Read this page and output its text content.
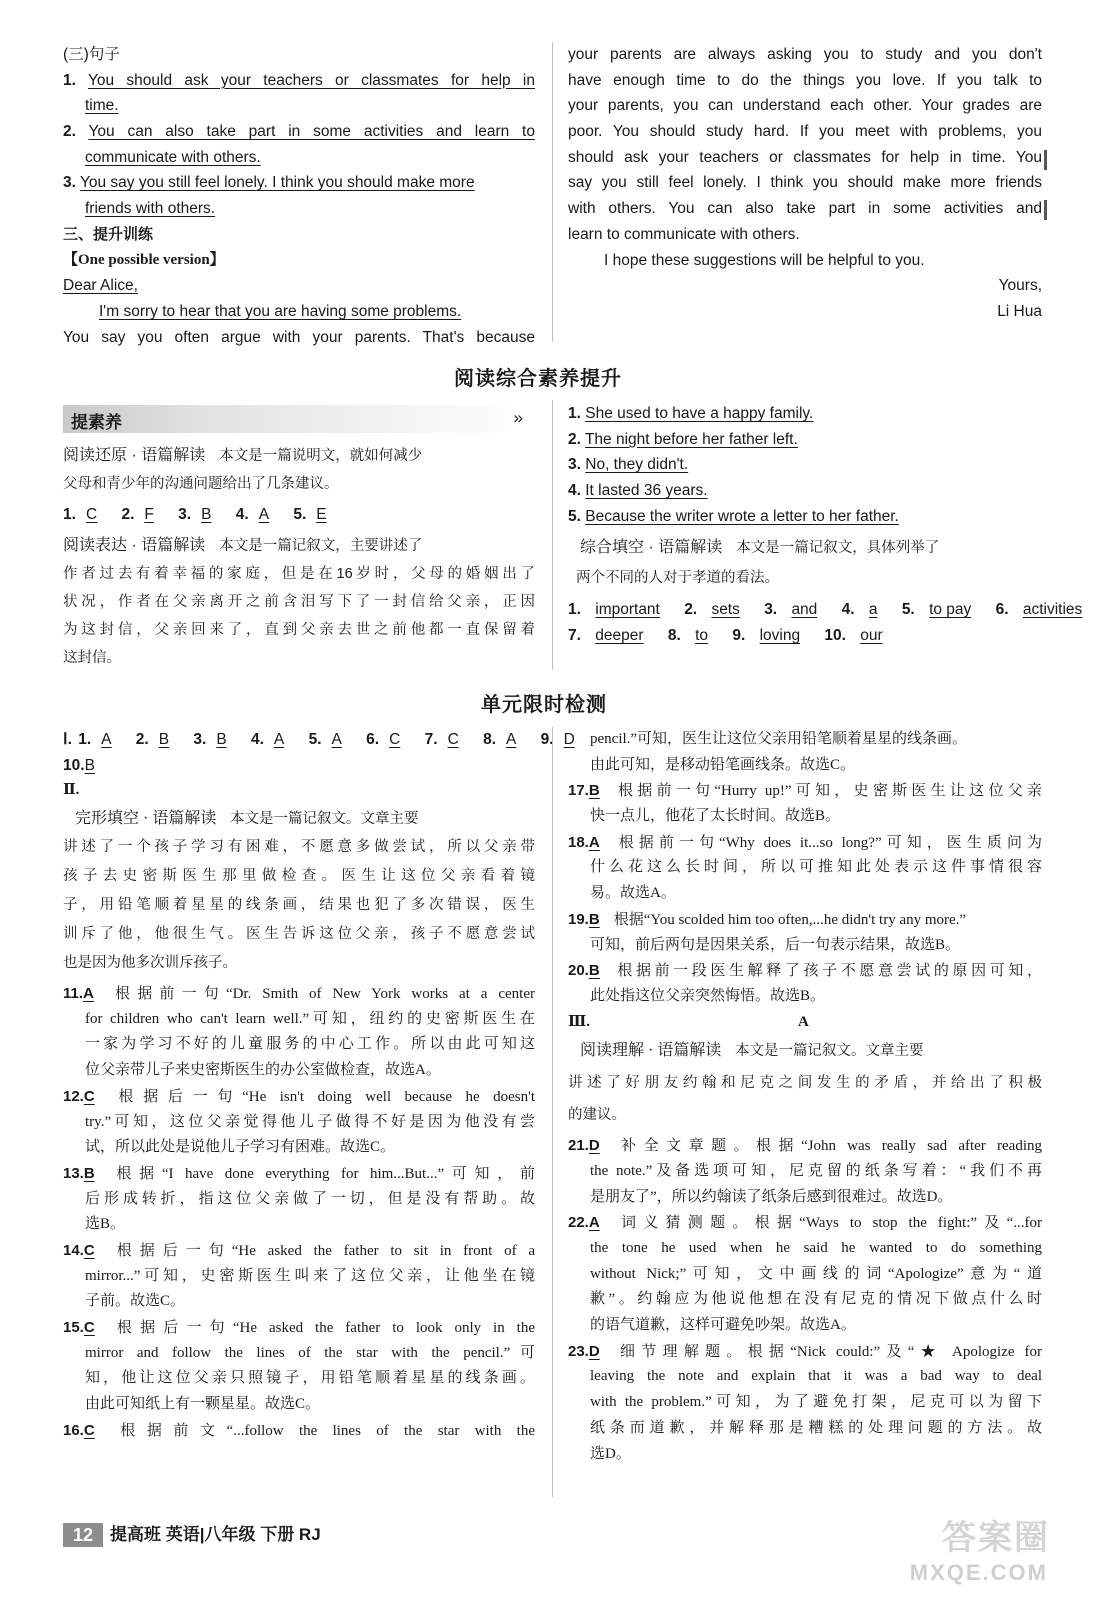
(三)句子
1. You should ask your teachers or classmates for help in
time.
2. You can also take part in some activities and learn to
communicate with others.
3. You say you still feel lonely. I think you should make more
friends with others.
三、提升训练
【One possible version】
Dear Alice,
I'm sorry to hear that you are having some problems.
You say you often argue with your parents. That's because
your parents are always asking you to study and you don't
have enough time to do the things you love. If you talk to
your parents, you can understand each other. Your grades are
poor. You should study hard. If you meet with problems, you
should ask your teachers or classmates for help in time. You
say you still feel lonely. I think you should make more friends
with others. You can also take part in some activities and
learn to communicate with others.
I hope these suggestions will be helpful to you.
Yours,
Li Hua
阅读综合素养提升
提素养	»
阅读还原 · 语篇解读 本文是一篇说明文，就如何减少
父母和青少年的沟通问题给出了几条建议。
1. C 2. F 3. B 4. A 5. E
阅读表达 · 语篇解读 本文是一篇记叙文，主要讲述了
作者过去有着幸福的家庭，但是在16岁时，父母的婚姻出了
状况，作者在父亲离开之前含泪写下了一封信给父亲，正因
为这封信，父亲回来了，直到父亲去世之前他都一直保留着
这封信。
1. She used to have a happy family.
2. The night before her father left.
3. No, they didn't.
4. It lasted 36 years.
5. Because the writer wrote a letter to her father.
综合填空 · 语篇解读 本文是一篇记叙文，具体列举了
两个不同的人对于孝道的看法。
1. important 2. sets 3. and 4. a 5. to pay 6. activities
7. deeper 8. to 9. loving 10. our
单元限时检测
Ⅰ. 1. A 2. B 3. B 4. A 5. A 6. C 7. C 8. A 9. D
10.B
Ⅱ.
完形填空 · 语篇解读 本文是一篇记叙文。文章主要
讲述了一个孩子学习有困难，不愿意多做尝试，所以父亲带
孩子去史密斯医生那里做检查。医生让这位父亲看着镜
子，用铅笔顺着星星的线条画，结果也犯了多次错误，医生
训斥了他，他很生气。医生告诉这位父亲，孩子不愿意尝试
也是因为他多次训斥孩子。
11.A 根据前一句“Dr. Smith of New York works at a center
for children who can't learn well.”可知，纽约的史密斯医生在
一家为学习不好的儿童服务的中心工作。所以由此可知这
位父亲带儿子来史密斯医生的办公室做检查，故选A。
12.C 根据后一句“He isn't doing well because he doesn't
try.”可知，这位父亲觉得他儿子做得不好是因为他没有尝
试，所以此处是说他儿子学习有困难。故选C。
13.B 根据“I have done everything for him...But...”可知，前
后形成转折，指这位父亲做了一切，但是没有帮助。故
选B。
14.C 根据后一句“He asked the father to sit in front of a
mirror...”可知，史密斯医生叫来了这位父亲，让他坐在镜
子前。故选C。
15.C 根据后一句“He asked the father to look only in the
mirror and follow the lines of the star with the pencil.”可
知，他让这位父亲只照镜子，用铅笔顺着星星的线条画。
由此可知纸上有一颗星星。故选C。
16.C 根据前文“...follow the lines of the star with the
pencil.”可知，医生让这位父亲用铅笔顺着星星的线条画。
由此可知，是移动铅笔画线条。故选C。
17.B 根据前一句“Hurry up!”可知，史密斯医生让这位父亲
快一点儿，他花了太长时间。故选B。
18.A 根据前一句“Why does it...so long?”可知，医生质问为
什么花这么长时间，所以可推知此处表示这件事情很容
易。故选A。
19.B 根据“You scolded him too often,...he didn't try any more.”
可知，前后两句是因果关系，后一句表示结果，故选B。
20.B 根据前一段医生解释了孩子不愿意尝试的原因可知，
此处指这位父亲突然悔悟。故选B。
Ⅲ.	A
阅读理解 · 语篇解读 本文是一篇记叙文。文章主要
讲述了好朋友约翰和尼克之间发生的矛盾，并给出了积极
的建议。
21.D 补全文章题。根据“John was really sad after reading
the note.”及备选项可知，尼克留的纸条写着：“我们不再
是朋友了”，所以约翰读了纸条后感到很难过。故选D。
22.A 词义猜测题。根据“Ways to stop the fight:”及“...for
the tone he used when he said he wanted to do something
without Nick;”可知，文中画线的词“Apologize”意为“道
歉”。约翰应为他说他想在没有尼克的情况下做点什么时
的语气道歉，这样可避免吵架。故选A。
23.D 细节理解题。根据“Nick could:”及“★ Apologize for
leaving the note and explain that it was a bad way to deal
with the problem.”可知，为了避免打架，尼克可以为留下
纸条而道歉，并解释那是糟糕的处理问题的方法。故
选D。
12 提高班 英语|八年级 下册 RJ	答案圈
MXQE.COM
